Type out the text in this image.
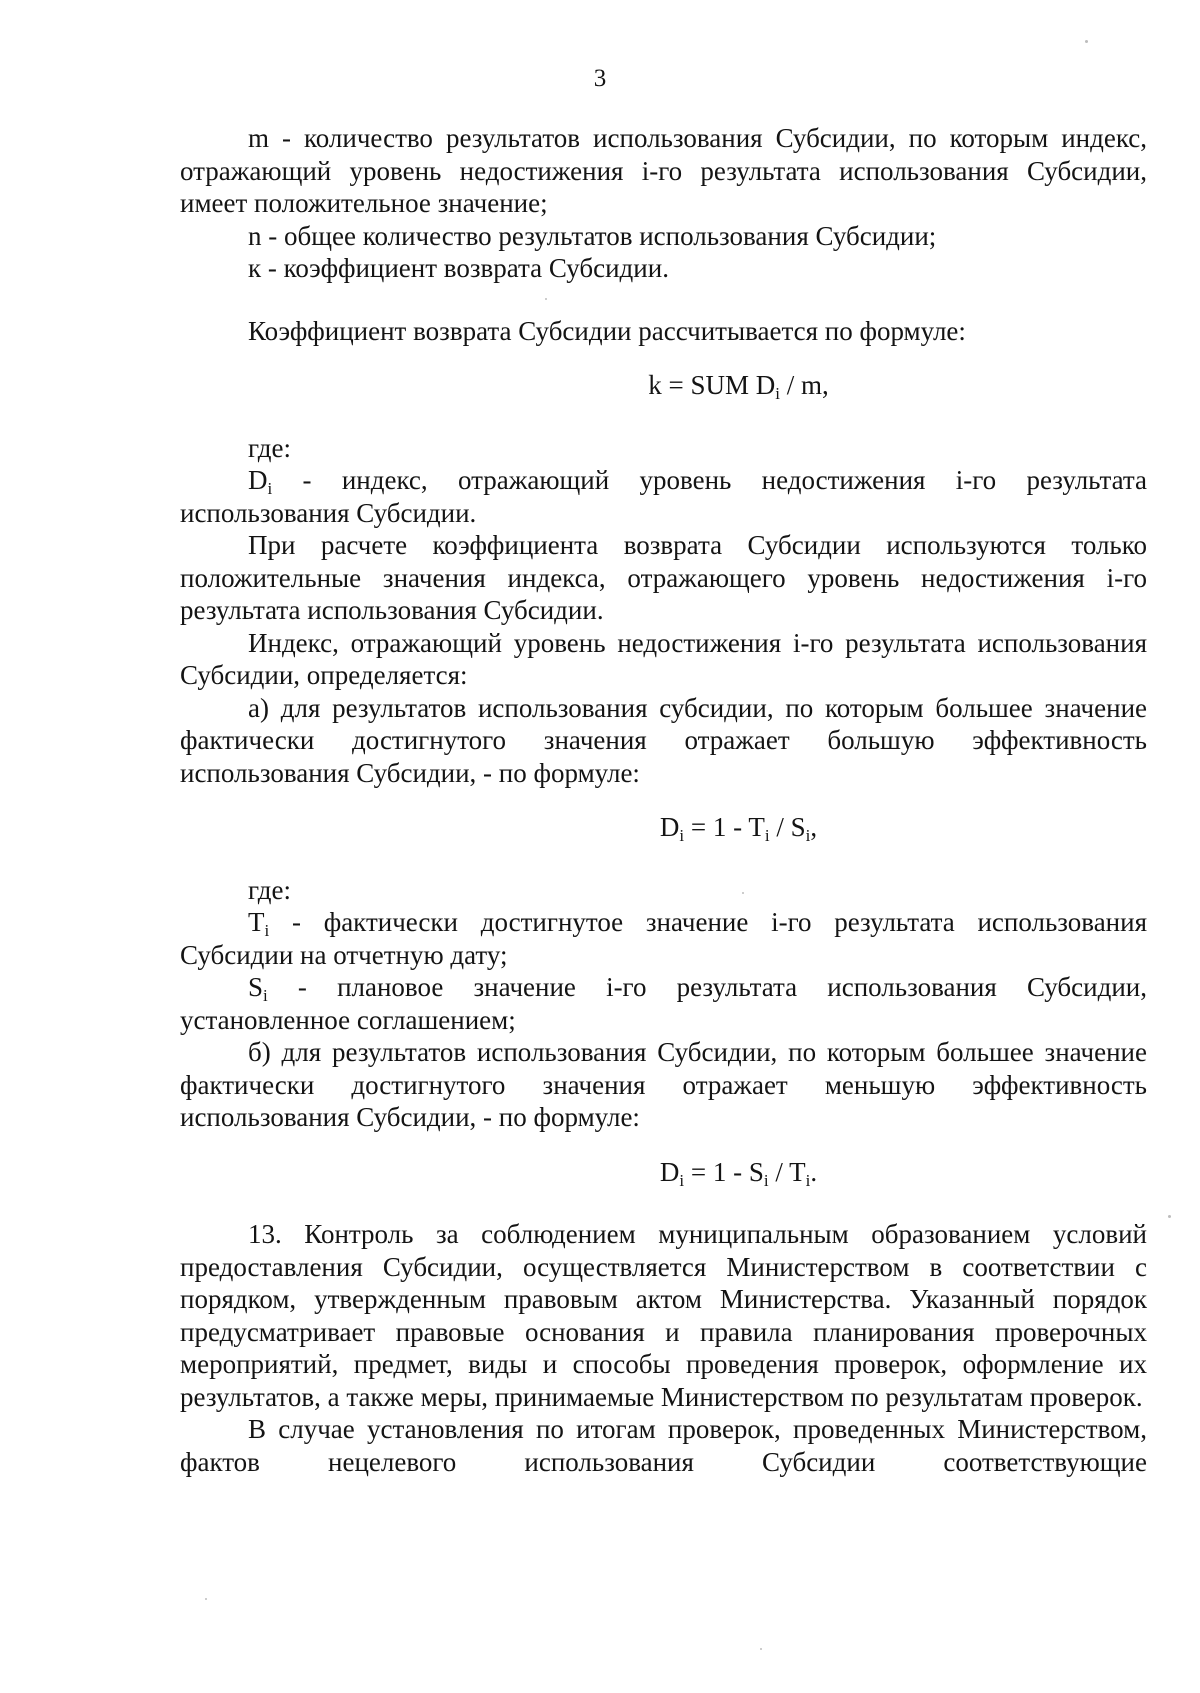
3

m - количество результатов использования Субсидии, по которым индекс, отражающий уровень недостижения i-го результата использования Субсидии, имеет положительное значение;

n - общее количество результатов использования Субсидии;

к - коэффициент возврата Субсидии.

Коэффициент возврата Субсидии рассчитывается по формуле:

k = SUM $D_i$ / m,

где:

$D_i$ - индекс, отражающий уровень недостижения i-го результата использования Субсидии.

При расчете коэффициента возврата Субсидии используются только положительные значения индекса, отражающего уровень недостижения i-го результата использования Субсидии.

Индекс, отражающий уровень недостижения i-го результата использования Субсидии, определяется:

а) для результатов использования субсидии, по которым большее значение фактически достигнутого значения отражает большую эффективность использования Субсидии, - по формуле:

$D_i = 1 - T_i / S_i$,

где:

$T_i$ - фактически достигнутое значение i-го результата использования Субсидии на отчетную дату;

$S_i$ - плановое значение i-го результата использования Субсидии, установленное соглашением;

б) для результатов использования Субсидии, по которым большее значение фактически достигнутого значения отражает меньшую эффективность использования Субсидии, - по формуле:

$D_i = 1 - S_i / T_i$.

13. Контроль за соблюдением муниципальным образованием условий предоставления Субсидии, осуществляется Министерством в соответствии с порядком, утвержденным правовым актом Министерства. Указанный порядок предусматривает правовые основания и правила планирования проверочных мероприятий, предмет, виды и способы проведения проверок, оформление их результатов, а также меры, принимаемые Министерством по результатам проверок.

В случае установления по итогам проверок, проведенных Министерством, фактов нецелевого использования Субсидии соответствующие
